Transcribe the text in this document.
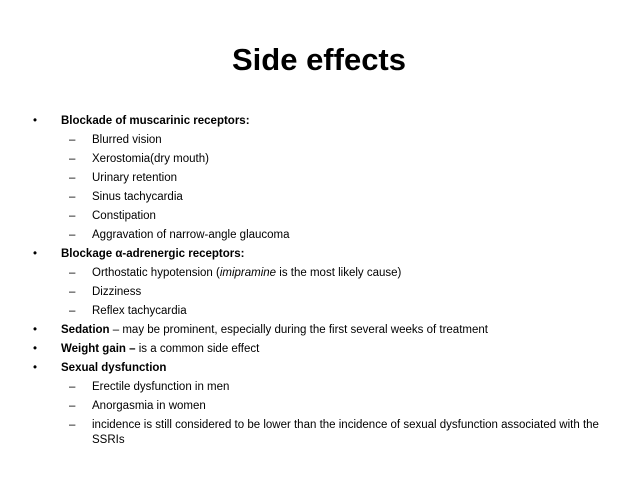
Side effects
•	Blockade of muscarinic receptors:
–	Blurred vision
–	Xerostomia(dry mouth)
–	Urinary retention
–	Sinus tachycardia
–	Constipation
–	Aggravation of narrow-angle glaucoma
•	Blockage α-adrenergic receptors:
–	Orthostatic hypotension (imipramine is the most likely cause)
–	Dizziness
–	Reflex tachycardia
•	Sedation – may be prominent, especially during the first several weeks of treatment
•	Weight gain – is a common side effect
•	Sexual dysfunction
–	Erectile dysfunction in men
–	Anorgasmia in women
–	incidence is still considered to be lower than the incidence of sexual dysfunction associated with the SSRIs
